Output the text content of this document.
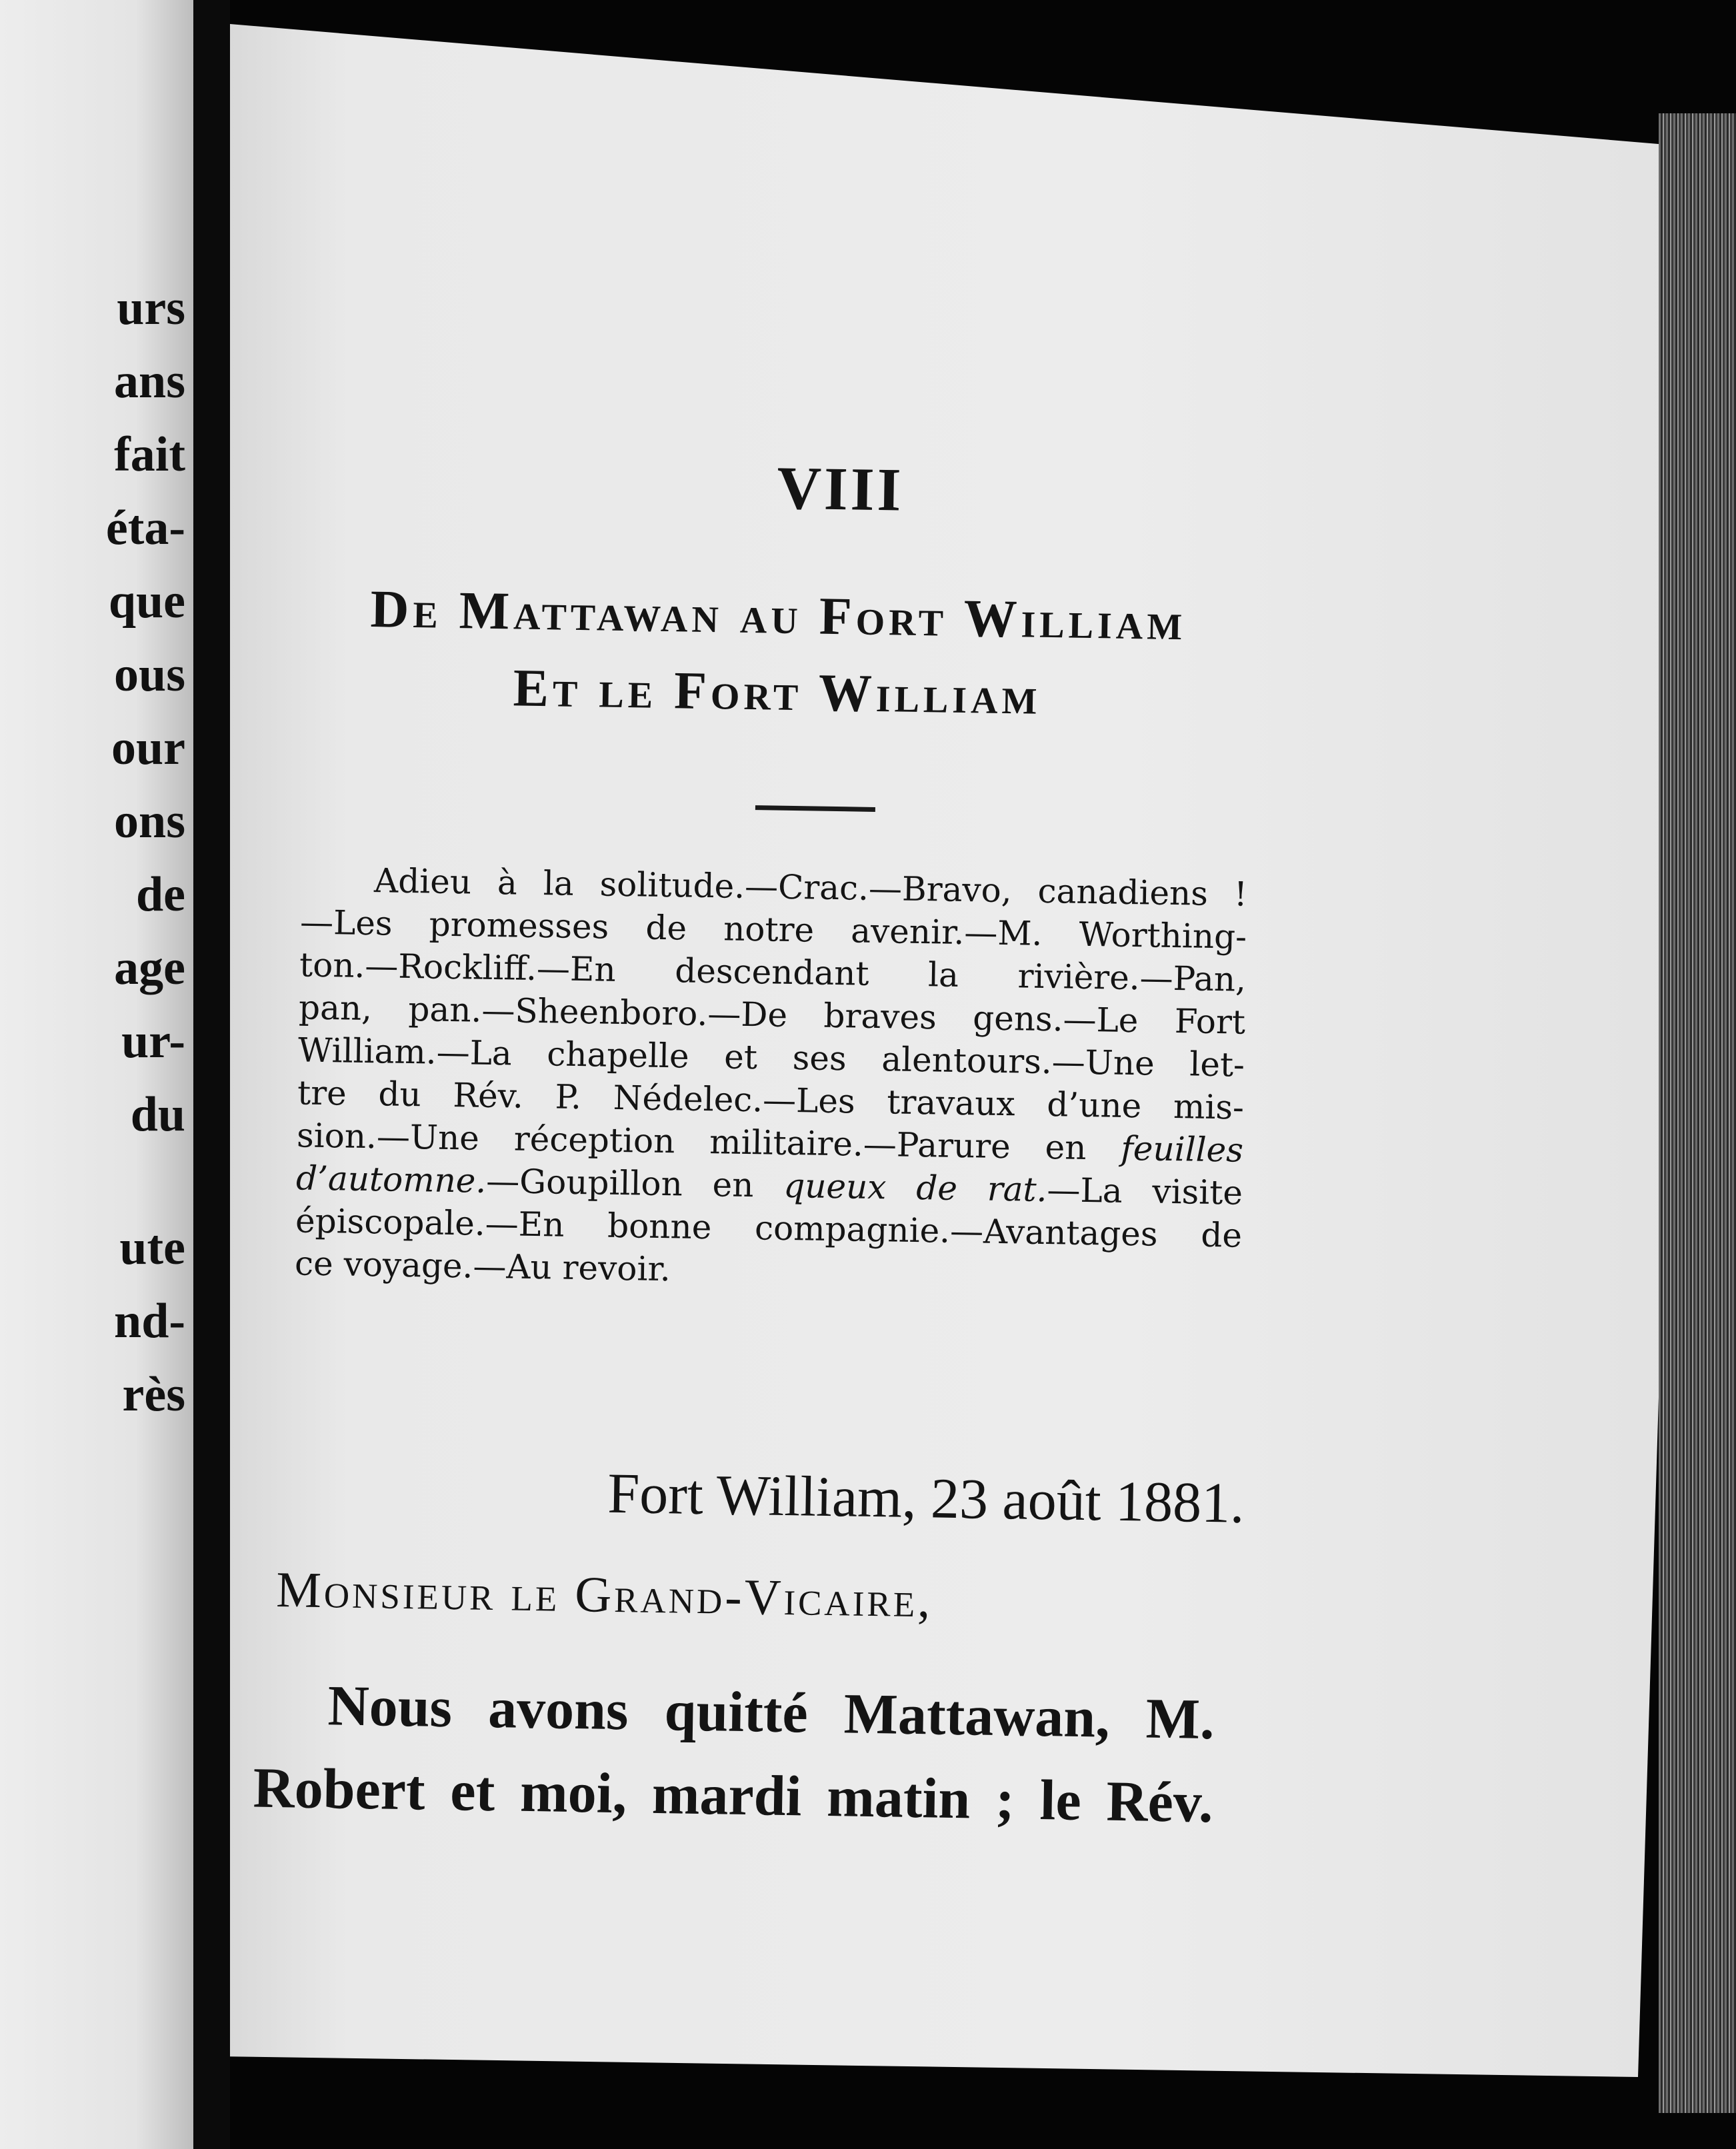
urs
ans
fait
éta-
que
ous
our
ons
de
age
ur-
du
ute
nd-
rès
VIII
De Mattawan au Fort William
Et le Fort William
Adieu à la solitude.—Crac.—Bravo, canadiens !
—Les promesses de notre avenir.—M. Worthing-
ton.—Rockliff.—En descendant la rivière.—Pan,
pan, pan.—Sheenboro.—De braves gens.—Le Fort
William.—La chapelle et ses alentours.—Une let-
tre du Rév. P. Nédelec.—Les travaux d’une mis-
sion.—Une réception militaire.—Parure en feuilles
d’automne.—Goupillon en queux de rat.—La visite
épiscopale.—En bonne compagnie.—Avantages de
ce voyage.—Au revoir.
Fort William, 23 août 1881.
Monsieur le Grand-Vicaire,
Nous avons quitté Mattawan, M.
Robert et moi, mardi matin ; le Rév.
